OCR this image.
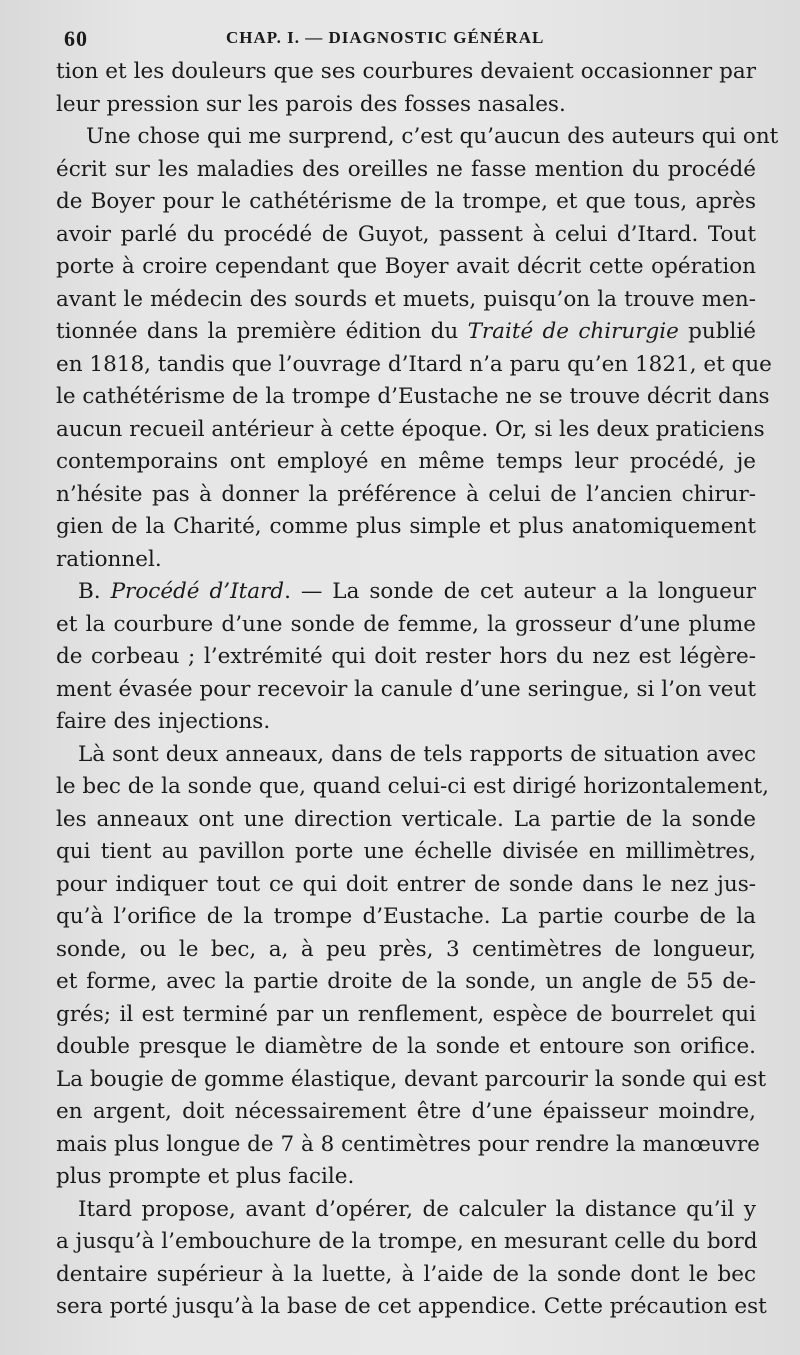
60	CHAP. I. — DIAGNOSTIC GÉNÉRAL

tion et les douleurs que ses courbures devaient occasionner par
leur pression sur les parois des fosses nasales.

Une chose qui me surprend, c’est qu’aucun des auteurs qui ont
écrit sur les maladies des oreilles ne fasse mention du procédé
de Boyer pour le cathétérisme de la trompe, et que tous, après
avoir parlé du procédé de Guyot, passent à celui d’Itard. Tout
porte à croire cependant que Boyer avait décrit cette opération
avant le médecin des sourds et muets, puisqu’on la trouve men-
tionnée dans la première édition du Traité de chirurgie publié
en 1818, tandis que l’ouvrage d’Itard n’a paru qu’en 1821, et que
le cathétérisme de la trompe d’Eustache ne se trouve décrit dans
aucun recueil antérieur à cette époque. Or, si les deux praticiens
contemporains ont employé en même temps leur procédé, je
n’hésite pas à donner la préférence à celui de l’ancien chirur-
gien de la Charité, comme plus simple et plus anatomiquement
rationnel.

B. Procédé d’Itard. — La sonde de cet auteur a la longueur
et la courbure d’une sonde de femme, la grosseur d’une plume
de corbeau ; l’extrémité qui doit rester hors du nez est légère-
ment évasée pour recevoir la canule d’une seringue, si l’on veut
faire des injections.

Là sont deux anneaux, dans de tels rapports de situation avec
le bec de la sonde que, quand celui-ci est dirigé horizontalement,
les anneaux ont une direction verticale. La partie de la sonde
qui tient au pavillon porte une échelle divisée en millimètres,
pour indiquer tout ce qui doit entrer de sonde dans le nez jus-
qu’à l’orifice de la trompe d’Eustache. La partie courbe de la
sonde, ou le bec, a, à peu près, 3 centimètres de longueur,
et forme, avec la partie droite de la sonde, un angle de 55 de-
grés; il est terminé par un renflement, espèce de bourrelet qui
double presque le diamètre de la sonde et entoure son orifice.
La bougie de gomme élastique, devant parcourir la sonde qui est
en argent, doit nécessairement être d’une épaisseur moindre,
mais plus longue de 7 à 8 centimètres pour rendre la manœuvre
plus prompte et plus facile.

Itard propose, avant d’opérer, de calculer la distance qu’il y
a jusqu’à l’embouchure de la trompe, en mesurant celle du bord
dentaire supérieur à la luette, à l’aide de la sonde dont le bec
sera porté jusqu’à la base de cet appendice. Cette précaution est
